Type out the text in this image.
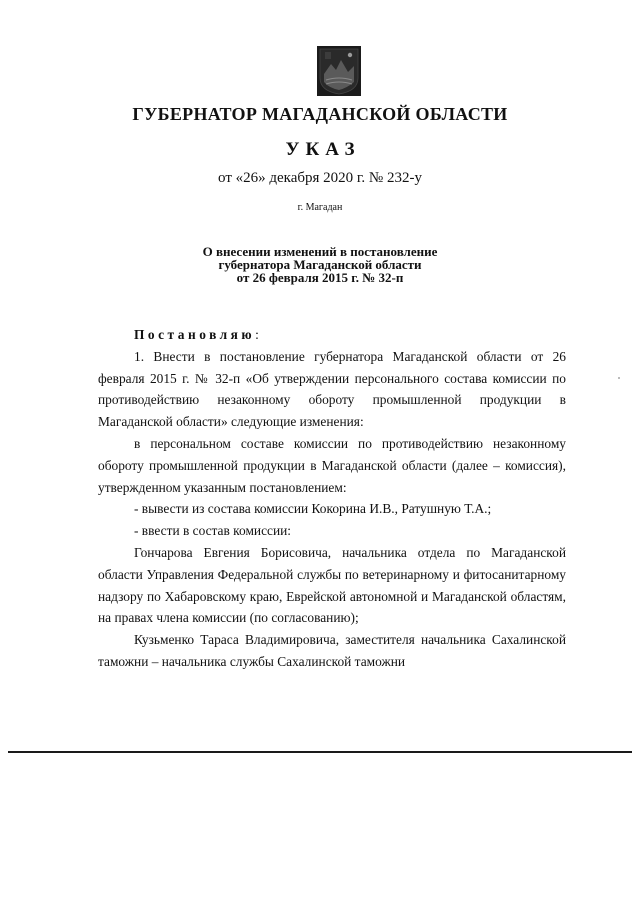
ГУБЕРНАТОР МАГАДАНСКОЙ ОБЛАСТИ
УКАЗ
от «26» декабря 2020 г. № 232-у
г. Магадан
О внесении изменений в постановление
губернатора Магаданской области
от 26 февраля 2015 г. № 32-п

Постановляю:

1. Внести в постановление губернатора Магаданской области от 26 февраля 2015 г. № 32-п «Об утверждении персонального состава комиссии по противодействию незаконному обороту промышленной продукции в Магаданской области» следующие изменения:

в персональном составе комиссии по противодействию незаконному обороту промышленной продукции в Магаданской области (далее – комиссия), утвержденном указанным постановлением:

- вывести из состава комиссии Кокорина И.В., Ратушную Т.А.;

- ввести в состав комиссии:

Гончарова Евгения Борисовича, начальника отдела по Магаданской области Управления Федеральной службы по ветеринарному и фитосанитарному надзору по Хабаровскому краю, Еврейской автономной и Магаданской областям, на правах члена комиссии (по согласованию);

Кузьменко Тараса Владимировича, заместителя начальника Сахалинской таможни – начальника службы Сахалинской таможни
